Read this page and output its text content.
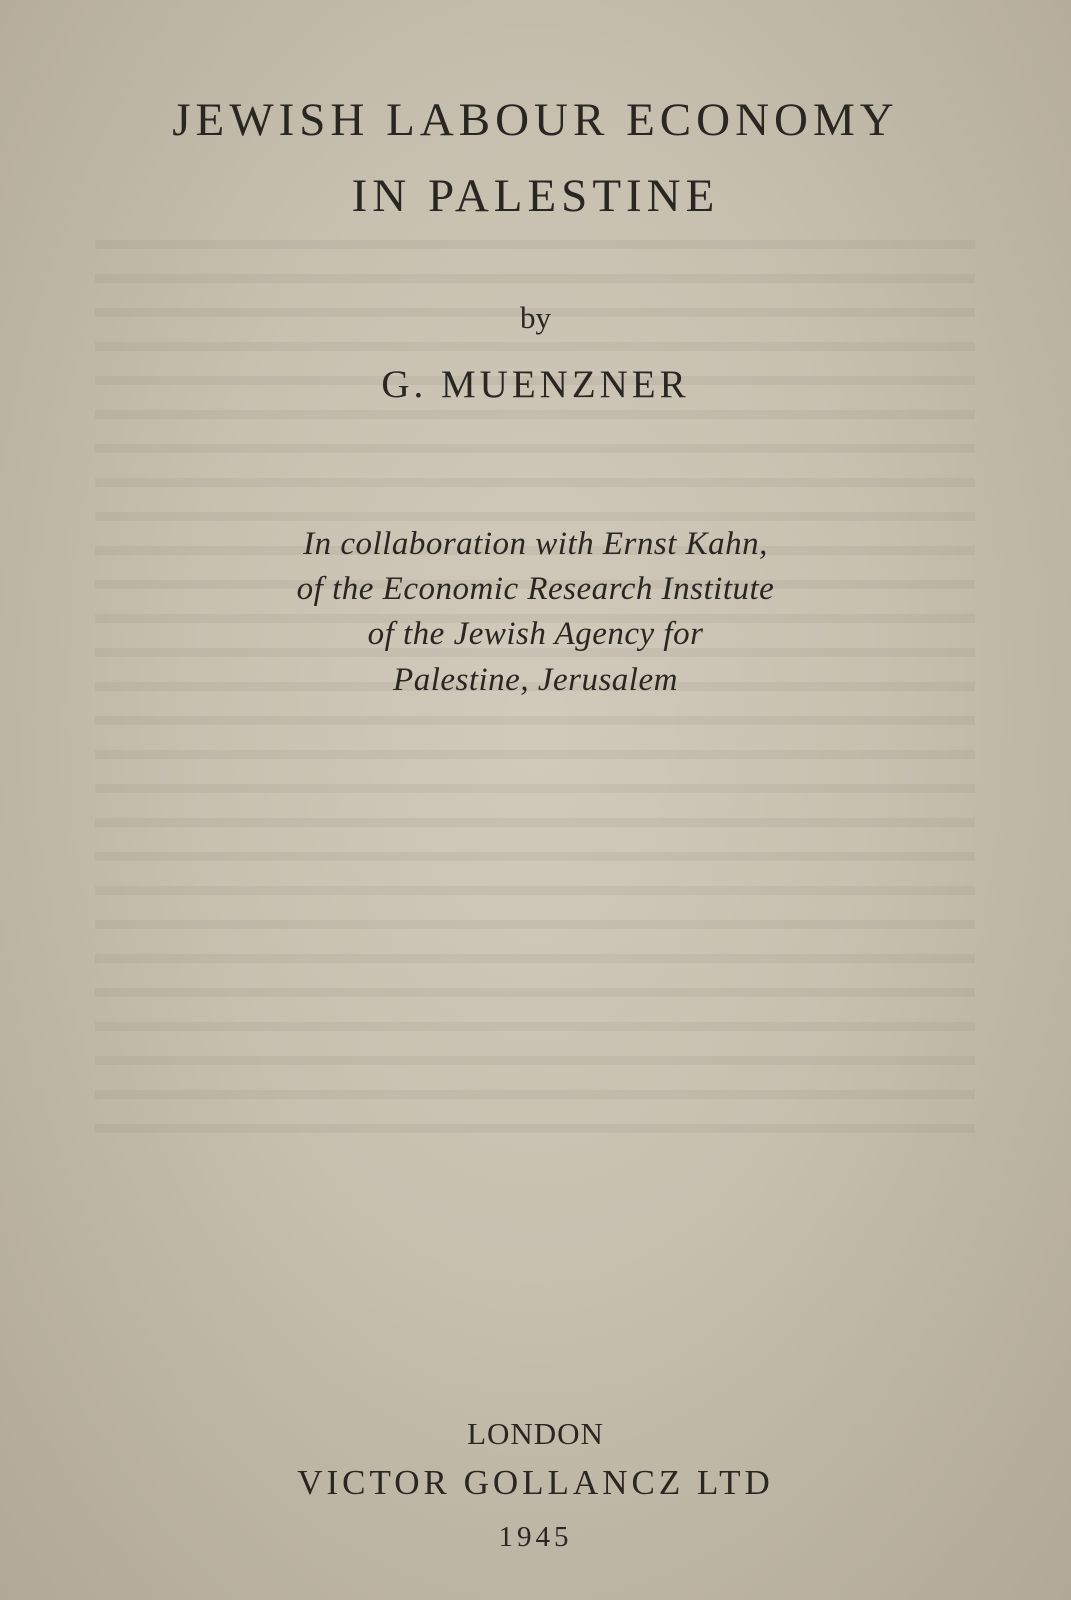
JEWISH LABOUR ECONOMY
IN PALESTINE
by
G. MUENZNER
In collaboration with Ernst Kahn,
of the Economic Research Institute
of the Jewish Agency for
Palestine, Jerusalem
LONDON
VICTOR GOLLANCZ LTD
1945
